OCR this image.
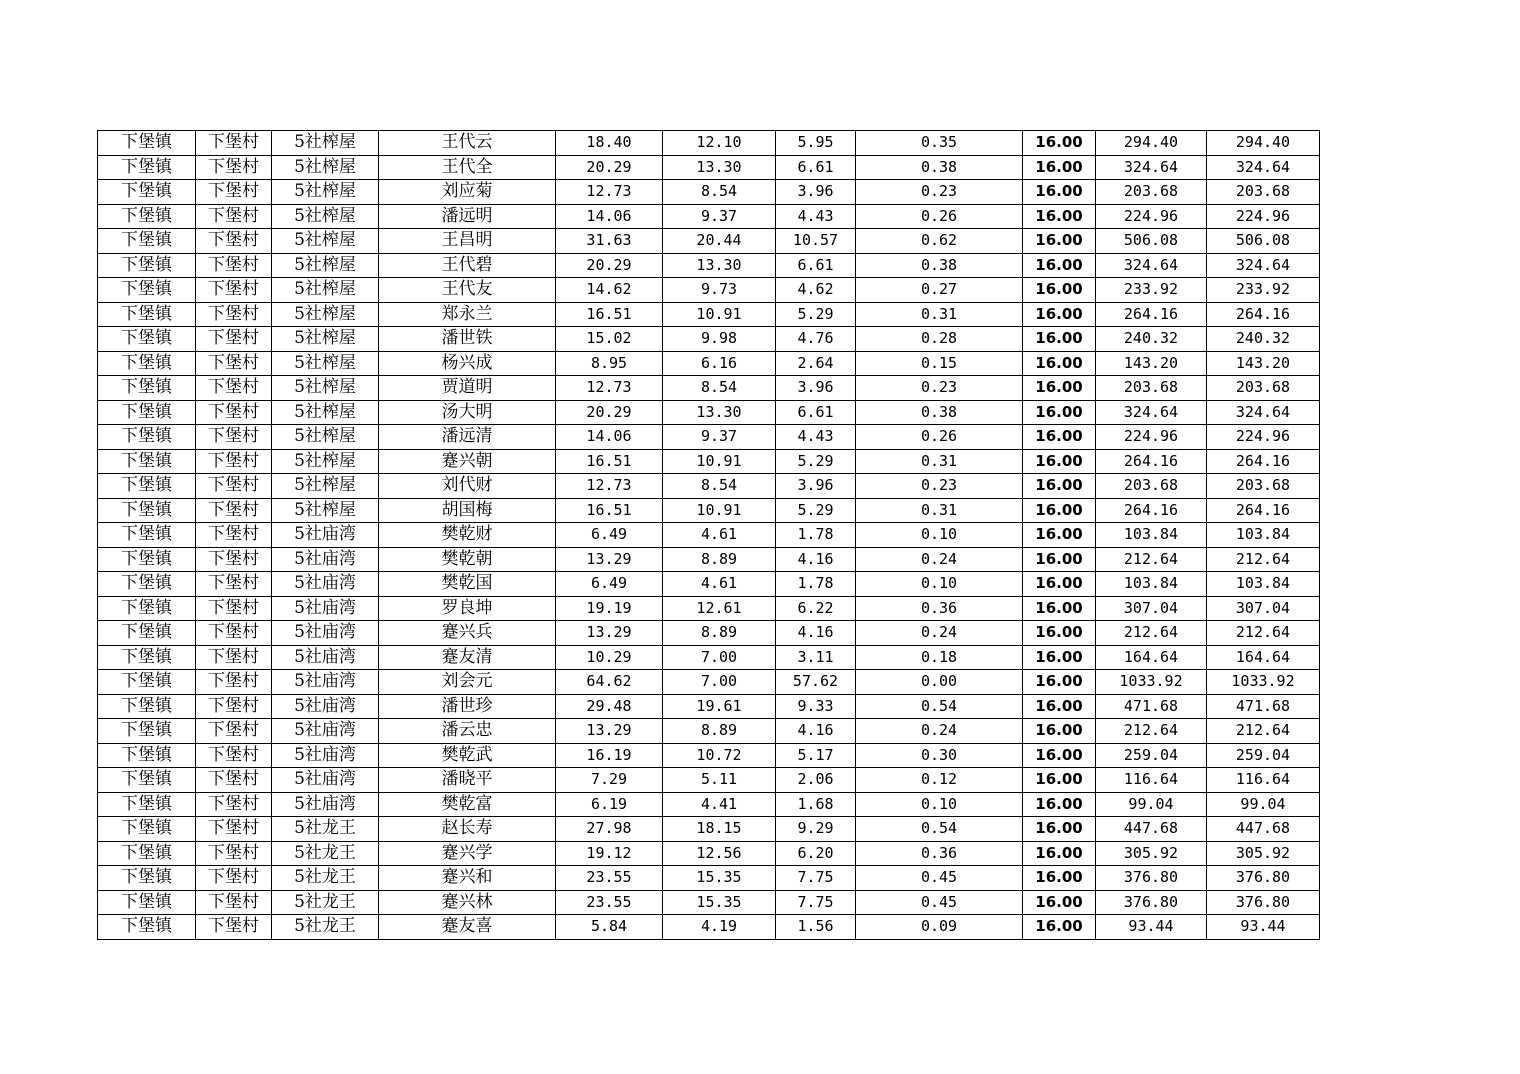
下堡镇	下堡村	5社榨屋	王代云	18.40	12.10	5.95	0.35	16.00	294.40	294.40
下堡镇	下堡村	5社榨屋	王代全	20.29	13.30	6.61	0.38	16.00	324.64	324.64
下堡镇	下堡村	5社榨屋	刘应菊	12.73	8.54	3.96	0.23	16.00	203.68	203.68
下堡镇	下堡村	5社榨屋	潘远明	14.06	9.37	4.43	0.26	16.00	224.96	224.96
下堡镇	下堡村	5社榨屋	王昌明	31.63	20.44	10.57	0.62	16.00	506.08	506.08
下堡镇	下堡村	5社榨屋	王代碧	20.29	13.30	6.61	0.38	16.00	324.64	324.64
下堡镇	下堡村	5社榨屋	王代友	14.62	9.73	4.62	0.27	16.00	233.92	233.92
下堡镇	下堡村	5社榨屋	郑永兰	16.51	10.91	5.29	0.31	16.00	264.16	264.16
下堡镇	下堡村	5社榨屋	潘世铁	15.02	9.98	4.76	0.28	16.00	240.32	240.32
下堡镇	下堡村	5社榨屋	杨兴成	8.95	6.16	2.64	0.15	16.00	143.20	143.20
下堡镇	下堡村	5社榨屋	贾道明	12.73	8.54	3.96	0.23	16.00	203.68	203.68
下堡镇	下堡村	5社榨屋	汤大明	20.29	13.30	6.61	0.38	16.00	324.64	324.64
下堡镇	下堡村	5社榨屋	潘远清	14.06	9.37	4.43	0.26	16.00	224.96	224.96
下堡镇	下堡村	5社榨屋	蹇兴朝	16.51	10.91	5.29	0.31	16.00	264.16	264.16
下堡镇	下堡村	5社榨屋	刘代财	12.73	8.54	3.96	0.23	16.00	203.68	203.68
下堡镇	下堡村	5社榨屋	胡国梅	16.51	10.91	5.29	0.31	16.00	264.16	264.16
下堡镇	下堡村	5社庙湾	樊乾财	6.49	4.61	1.78	0.10	16.00	103.84	103.84
下堡镇	下堡村	5社庙湾	樊乾朝	13.29	8.89	4.16	0.24	16.00	212.64	212.64
下堡镇	下堡村	5社庙湾	樊乾国	6.49	4.61	1.78	0.10	16.00	103.84	103.84
下堡镇	下堡村	5社庙湾	罗良坤	19.19	12.61	6.22	0.36	16.00	307.04	307.04
下堡镇	下堡村	5社庙湾	蹇兴兵	13.29	8.89	4.16	0.24	16.00	212.64	212.64
下堡镇	下堡村	5社庙湾	蹇友清	10.29	7.00	3.11	0.18	16.00	164.64	164.64
下堡镇	下堡村	5社庙湾	刘会元	64.62	7.00	57.62	0.00	16.00	1033.92	1033.92
下堡镇	下堡村	5社庙湾	潘世珍	29.48	19.61	9.33	0.54	16.00	471.68	471.68
下堡镇	下堡村	5社庙湾	潘云忠	13.29	8.89	4.16	0.24	16.00	212.64	212.64
下堡镇	下堡村	5社庙湾	樊乾武	16.19	10.72	5.17	0.30	16.00	259.04	259.04
下堡镇	下堡村	5社庙湾	潘晓平	7.29	5.11	2.06	0.12	16.00	116.64	116.64
下堡镇	下堡村	5社庙湾	樊乾富	6.19	4.41	1.68	0.10	16.00	99.04	99.04
下堡镇	下堡村	5社龙王	赵长寿	27.98	18.15	9.29	0.54	16.00	447.68	447.68
下堡镇	下堡村	5社龙王	蹇兴学	19.12	12.56	6.20	0.36	16.00	305.92	305.92
下堡镇	下堡村	5社龙王	蹇兴和	23.55	15.35	7.75	0.45	16.00	376.80	376.80
下堡镇	下堡村	5社龙王	蹇兴林	23.55	15.35	7.75	0.45	16.00	376.80	376.80
下堡镇	下堡村	5社龙王	蹇友喜	5.84	4.19	1.56	0.09	16.00	93.44	93.44
